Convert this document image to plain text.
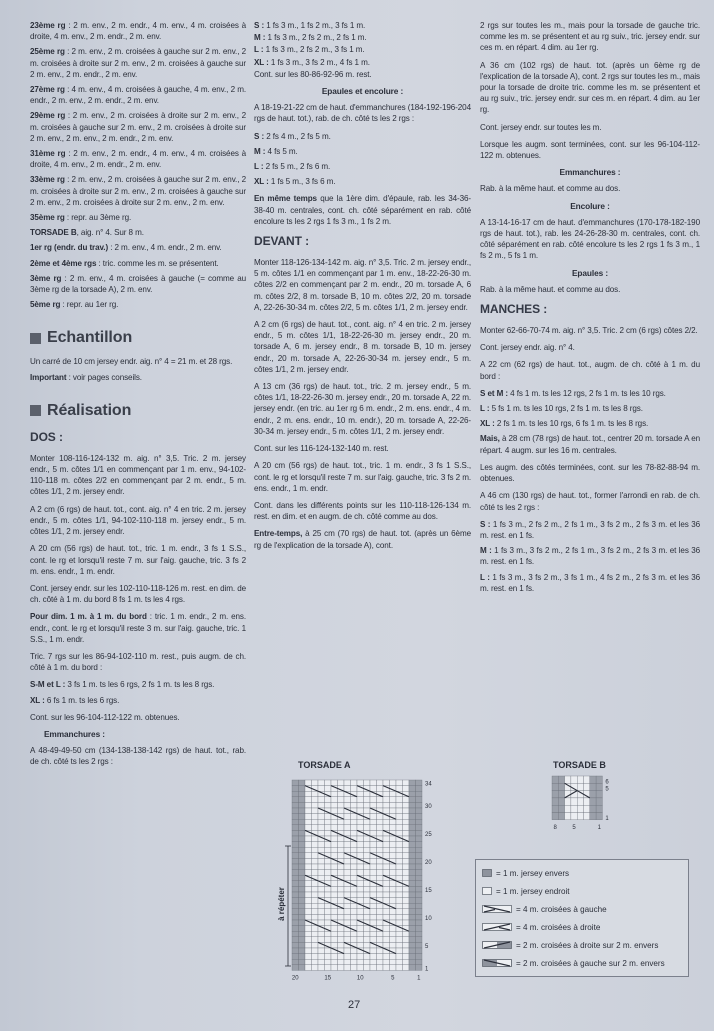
23ème rg : 2 m. env., 2 m. endr., 4 m. env., 4 m. croisées à droite, 4 m. env., 2 m. endr., 2 m. env.

25ème rg : 2 m. env., 2 m. croisées à gauche sur 2 m. env., 2 m. croisées à droite sur 2 m. env., 2 m. croisées à gauche sur 2 m. env., 2 m. endr., 2 m. env.

27ème rg : 4 m. env., 4 m. croisées à gauche, 4 m. env., 2 m. endr., 2 m. env., 2 m. endr., 2 m. env.

29ème rg : 2 m. env., 2 m. croisées à droite sur 2 m. env., 2 m. croisées à gauche sur 2 m. env., 2 m. croisées à droite sur 2 m. env., 2 m. env., 2 m. endr., 2 m. env.

31ème rg : 2 m. env., 2 m. endr., 4 m. env., 4 m. croisées à droite, 4 m. env., 2 m. endr., 2 m. env.

33ème rg : 2 m. env., 2 m. croisées à gauche sur 2 m. env., 2 m. croisées à droite sur 2 m. env., 2 m. croisées à gauche sur 2 m. env., 2 m. croisées à droite sur 2 m. env., 2 m. env.

35ème rg : repr. au 3ème rg.

TORSADE B, aig. n° 4. Sur 8 m.

1er rg (endr. du trav.) : 2 m. env., 4 m. endr., 2 m. env.

2ème et 4ème rgs : tric. comme les m. se présentent.

3ème rg : 2 m. env., 4 m. croisées à gauche (= comme au 3ème rg de la torsade A), 2 m. env.

5ème rg : repr. au 1er rg.

Echantillon

Un carré de 10 cm jersey endr. aig. n° 4 = 21 m. et 28 rgs.

Important : voir pages conseils.

Réalisation
DOS :

Monter 108-116-124-132 m. aig. n° 3,5. Tric. 2 m. jersey endr., 5 m. côtes 1/1 en commençant par 1 m. env., 94-102-110-118 m. côtes 2/2 en commençant par 2 m. endr., 5 m. côtes 1/1, 2 m. jersey endr.

A 2 cm (6 rgs) de haut. tot., cont. aig. n° 4 en tric. 2 m. jersey endr., 5 m. côtes 1/1, 94-102-110-118 m. jersey endr., 5 m. côtes 1/1, 2 m. jersey endr.

A 20 cm (56 rgs) de haut. tot., tric. 1 m. endr., 3 fs 1 S.S., cont. le rg et lorsqu'il reste 7 m. sur l'aig. gauche, tric. 3 fs 2 m. ens. endr., 1 m. endr.

Cont. jersey endr. sur les 102-110-118-126 m. rest. en dim. de ch. côté à 1 m. du bord 8 fs 1 m. ts les 4 rgs.

Pour dim. 1 m. à 1 m. du bord : tric. 1 m. endr., 2 m. ens. endr., cont. le rg et lorsqu'il reste 3 m. sur l'aig. gauche, tric. 1 S.S., 1 m. endr.

Tric. 7 rgs sur les 86-94-102-110 m. rest., puis augm. de ch. côté à 1 m. du bord :

S-M et L : 3 fs 1 m. ts les 6 rgs, 2 fs 1 m. ts les 8 rgs.

XL : 6 fs 1 m. ts les 6 rgs.

Cont. sur les 96-104-112-122 m. obtenues.

Emmanchures :

A 48-49-49-50 cm (134-138-138-142 rgs) de haut. tot., rab. de ch. côté ts les 2 rgs :

S : 1 fs 3 m., 1 fs 2 m., 3 fs 1 m.

M : 1 fs 3 m., 2 fs 2 m., 2 fs 1 m.

L : 1 fs 3 m., 2 fs 2 m., 3 fs 1 m.

XL : 1 fs 3 m., 3 fs 2 m., 4 fs 1 m.

Cont. sur les 80-86-92-96 m. rest.

Epaules et encolure :

A 18-19-21-22 cm de haut. d'emmanchures (184-192-196-204 rgs de haut. tot.), rab. de ch. côté ts les 2 rgs :

S : 2 fs 4 m., 2 fs 5 m.

M : 4 fs 5 m.

L : 2 fs 5 m., 2 fs 6 m.

XL : 1 fs 5 m., 3 fs 6 m.

En même temps que la 1ère dim. d'épaule, rab. les 34-36-38-40 m. centrales, cont. ch. côté séparément en rab. côté encolure ts les 2 rgs 1 fs 3 m., 1 fs 2 m.

DEVANT :

Monter 118-126-134-142 m. aig. n° 3,5. Tric. 2 m. jersey endr., 5 m. côtes 1/1 en commençant par 1 m. env., 18-22-26-30 m. côtes 2/2 en commençant par 2 m. endr., 20 m. torsade A, 6 m. côtes 2/2, 8 m. torsade B, 10 m. côtes 2/2, 20 m. torsade A, 22-26-30-34 m. côtes 2/2, 5 m. côtes 1/1, 2 m. jersey endr.

A 2 cm (6 rgs) de haut. tot., cont. aig. n° 4 en tric. 2 m. jersey endr., 5 m. côtes 1/1, 18-22-26-30 m. jersey endr., 20 m. torsade A, 6 m. jersey endr., 8 m. torsade B, 10 m. jersey endr., 20 m. torsade A, 22-26-30-34 m. jersey endr., 5 m. côtes 1/1, 2 m. jersey endr.

A 13 cm (36 rgs) de haut. tot., tric. 2 m. jersey endr., 5 m. côtes 1/1, 18-22-26-30 m. jersey endr., 20 m. torsade A, 22 m. jersey endr. (en tric. au 1er rg 6 m. endr., 2 m. ens. endr., 4 m. endr., 2 m. ens. endr., 10 m. endr.), 20 m. torsade A, 22-26-30-34 m. jersey endr., 5 m. côtes 1/1, 2 m. jersey endr.

Cont. sur les 116-124-132-140 m. rest.

A 20 cm (56 rgs) de haut. tot., tric. 1 m. endr., 3 fs 1 S.S., cont. le rg et lorsqu'il reste 7 m. sur l'aig. gauche, tric. 3 fs 2 m. ens. endr., 1 m. endr.

Cont. dans les différents points sur les 110-118-126-134 m. rest. en dim. et en augm. de ch. côté comme au dos.

Entre-temps, à 25 cm (70 rgs) de haut. tot. (après un 6ème rg de l'explication de la torsade A), cont.

2 rgs sur toutes les m., mais pour la torsade de gauche tric. comme les m. se présentent et au rg suiv., tric. jersey endr. sur ces m. en répart. 4 dim. au 1er rg.

A 36 cm (102 rgs) de haut. tot. (après un 6ème rg de l'explication de la torsade A), cont. 2 rgs sur toutes les m., mais pour la torsade de droite tric. comme les m. se présentent et au rg suiv., tric. jersey endr. sur ces m. en répart. 4 dim. au 1er rg.

Cont. jersey endr. sur toutes les m.

Lorsque les augm. sont terminées, cont. sur les 96-104-112-122 m. obtenues.

Emmanchures :

Rab. à la même haut. et comme au dos.

Encolure :

A 13-14-16-17 cm de haut. d'emmanchures (170-178-182-190 rgs de haut. tot.), rab. les 24-26-28-30 m. centrales, cont. ch. côté séparément en rab. côté encolure ts les 2 rgs 1 fs 3 m., 1 fs 2 m., 5 fs 1 m.

Epaules :

Rab. à la même haut. et comme au dos.

MANCHES :

Monter 62-66-70-74 m. aig. n° 3,5. Tric. 2 cm (6 rgs) côtes 2/2.

Cont. jersey endr. aig. n° 4.

A 22 cm (62 rgs) de haut. tot., augm. de ch. côté à 1 m. du bord :

S et M : 4 fs 1 m. ts les 12 rgs, 2 fs 1 m. ts les 10 rgs.

L : 5 fs 1 m. ts les 10 rgs, 2 fs 1 m. ts les 8 rgs.

XL : 2 fs 1 m. ts les 10 rgs, 6 fs 1 m. ts les 8 rgs.

Mais, à 28 cm (78 rgs) de haut. tot., centrer 20 m. torsade A en répart. 4 augm. sur les 16 m. centrales.

Les augm. des côtés terminées, cont. sur les 78-82-88-94 m. obtenues.

A 46 cm (130 rgs) de haut. tot., former l'arrondi en rab. de ch. côté ts les 2 rgs :

S : 1 fs 3 m., 2 fs 2 m., 2 fs 1 m., 3 fs 2 m., 2 fs 3 m. et les 36 m. rest. en 1 fs.

M : 1 fs 3 m., 3 fs 2 m., 2 fs 1 m., 3 fs 2 m., 2 fs 3 m. et les 36 m. rest. en 1 fs.

L : 1 fs 3 m., 3 fs 2 m., 3 fs 1 m., 4 fs 2 m., 2 fs 3 m. et les 36 m. rest. en 1 fs.

TORSADE A
à répéter
20	15	10	5	1
34
30
25
20
15
10
5
1
TORSADE B
8	5	1
6
5
1
= 1 m. jersey envers
= 1 m. jersey endroit
= 4 m. croisées à gauche
= 4 m. croisées à droite
= 2 m. croisées à droite sur 2 m. envers
= 2 m. croisées à gauche sur 2 m. envers
27
